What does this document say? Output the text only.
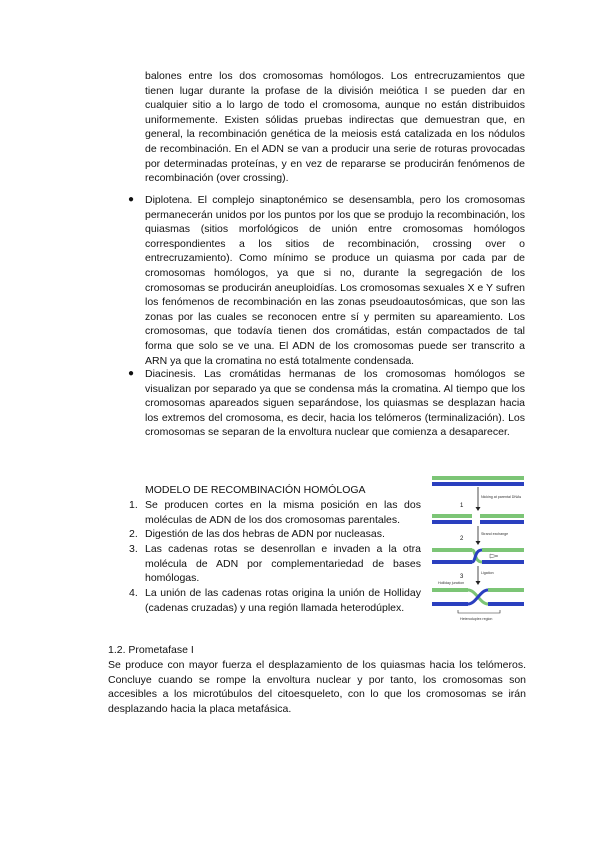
balones entre los dos cromosomas homólogos. Los entrecruzamientos que tienen lugar durante la profase de la división meiótica I se pueden dar en cualquier sitio a lo largo de todo el cromosoma, aunque no están distribuidos uniformemente. Existen sólidas pruebas indirectas que demuestran que, en general, la recombinación genética de la meiosis está catalizada en los nódulos de recombinación. En el ADN se van a producir una serie de roturas provocadas por determinadas proteínas, y en vez de repararse se producirán fenómenos de recombinación (over crossing).

● Diplotena. El complejo sinaptonémico se desensambla, pero los cromosomas permanecerán unidos por los puntos por los que se produjo la recombinación, los quiasmas (sitios morfológicos de unión entre cromosomas homólogos correspondientes a los sitios de recombinación, crossing over o entrecruzamiento). Como mínimo se produce un quiasma por cada par de cromosomas homólogos, ya que si no, durante la segregación de los cromosomas se producirán aneuploidías. Los cromosomas sexuales X e Y sufren los fenómenos de recombinación en las zonas pseudoautosómicas, que son las zonas por las cuales se reconocen entre sí y permiten su apareamiento. Los cromosomas, que todavía tienen dos cromátidas, están compactados de tal forma que solo se ve una. El ADN de los cromosomas puede ser transcrito a ARN ya que la cromatina no está totalmente condensada.

● Diacinesis. Las cromátidas hermanas de los cromosomas homólogos se visualizan por separado ya que se condensa más la cromatina. Al tiempo que los cromosomas apareados siguen separándose, los quiasmas se desplazan hacia los extremos del cromosoma, es decir, hacia los telómeros (terminalización). Los cromosomas se separan de la envoltura nuclear que comienza a desaparecer.

MODELO DE RECOMBINACIÓN HOMÓLOGA
1. Se producen cortes en la misma posición en las dos moléculas de ADN de los dos cromosomas parentales.

2. Digestión de las dos hebras de ADN por nucleasas.

3. Las cadenas rotas se desenrollan e invaden a la otra molécula de ADN por complementariedad de bases homólogas.

4. La unión de las cadenas rotas origina la unión de Holliday (cadenas cruzadas) y una región llamada heterodúplex.

Nicking at parental DNAs
1
Strand exchange
2
Ligation
3
Holliday junction
Heteroduplex region
1.2. Prometafase I

Se produce con mayor fuerza el desplazamiento de los quiasmas hacia los telómeros. Concluye cuando se rompe la envoltura nuclear y por tanto, los cromosomas son accesibles a los microtúbulos del citoesqueleto, con lo que los cromosomas se irán desplazando hacia la placa metafásica.
